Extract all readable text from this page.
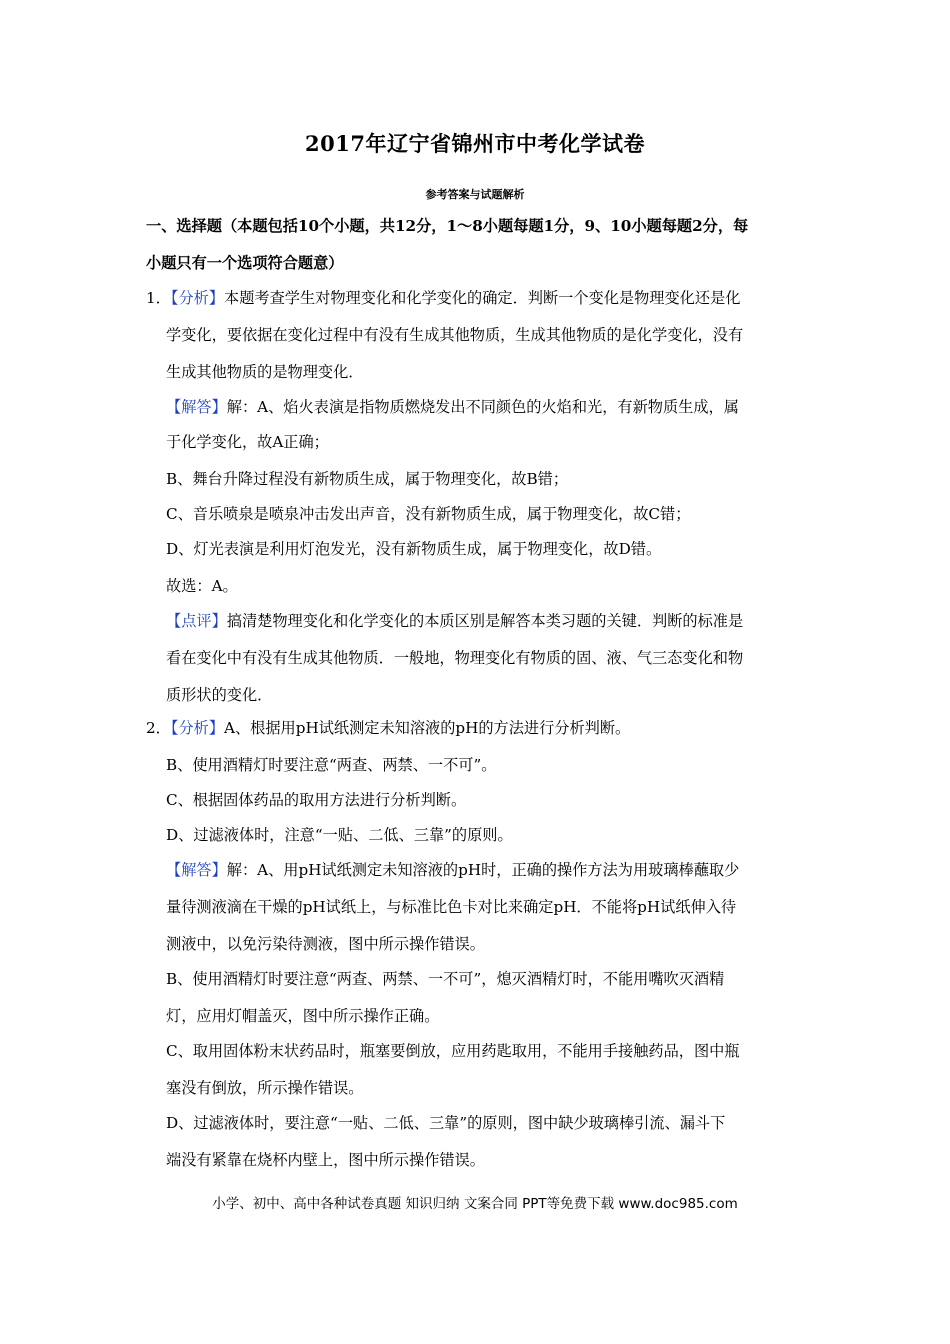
2017年辽宁省锦州市中考化学试卷
参考答案与试题解析
一、选择题（本题包括10个小题，共12分，1～8小题每题1分，9、10小题每题2分，每
小题只有一个选项符合题意）
1．【分析】本题考查学生对物理变化和化学变化的确定．判断一个变化是物理变化还是化
学变化，要依据在变化过程中有没有生成其他物质，生成其他物质的是化学变化，没有
生成其他物质的是物理变化．
【解答】解：A、焰火表演是指物质燃烧发出不同颜色的火焰和光，有新物质生成，属
于化学变化，故A正确；
B、舞台升降过程没有新物质生成，属于物理变化，故B错；
C、音乐喷泉是喷泉冲击发出声音，没有新物质生成，属于物理变化，故C错；
D、灯光表演是利用灯泡发光，没有新物质生成，属于物理变化，故D错。
故选：A。
【点评】搞清楚物理变化和化学变化的本质区别是解答本类习题的关键．判断的标准是
看在变化中有没有生成其他物质．一般地，物理变化有物质的固、液、气三态变化和物
质形状的变化．
2．【分析】A、根据用pH试纸测定未知溶液的pH的方法进行分析判断。
B、使用酒精灯时要注意“两查、两禁、一不可”。
C、根据固体药品的取用方法进行分析判断。
D、过滤液体时，注意“一贴、二低、三靠”的原则。
【解答】解：A、用pH试纸测定未知溶液的pH时，正确的操作方法为用玻璃棒蘸取少
量待测液滴在干燥的pH试纸上，与标准比色卡对比来确定pH．不能将pH试纸伸入待
测液中，以免污染待测液，图中所示操作错误。
B、使用酒精灯时要注意“两查、两禁、一不可”，熄灭酒精灯时，不能用嘴吹灭酒精
灯，应用灯帽盖灭，图中所示操作正确。
C、取用固体粉末状药品时，瓶塞要倒放，应用药匙取用，不能用手接触药品，图中瓶
塞没有倒放，所示操作错误。
D、过滤液体时，要注意“一贴、二低、三靠”的原则，图中缺少玻璃棒引流、漏斗下
端没有紧靠在烧杯内壁上，图中所示操作错误。
小学、初中、高中各种试卷真题 知识归纳 文案合同 PPT等免费下载 www.doc985.com
